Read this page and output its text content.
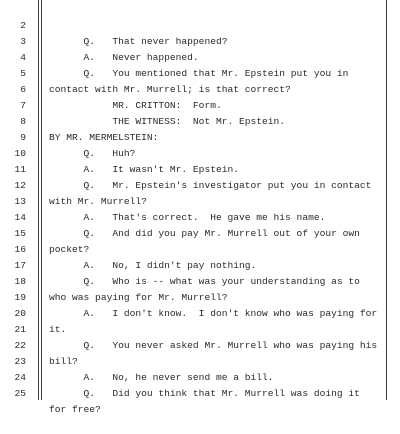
2

Q.   That never happened?

3

A.   Never happened.

4

Q.   You mentioned that Mr. Epstein put you in

5

contact with Mr. Murrell; is that correct?

6

MR. CRITTON:  Form.

7

THE WITNESS:  Not Mr. Epstein.

8

BY MR. MERMELSTEIN:

9

Q.   Huh?

10

A.   It wasn't Mr. Epstein.

11

Q.   Mr. Epstein's investigator put you in contact

12

with Mr. Murrell?

13

A.   That's correct.  He gave me his name.

14

Q.   And did you pay Mr. Murrell out of your own

15

pocket?

16

A.   No, I didn't pay nothing.

17

Q.   Who is -- what was your understanding as to

18

who was paying for Mr. Murrell?

19

A.   I don't know.  I don't know who was paying for

20

it.

21

Q.   You never asked Mr. Murrell who was paying his

22

bill?

23

A.   No, he never send me a bill.

24

Q.   Did you think that Mr. Murrell was doing it

25

for free?
